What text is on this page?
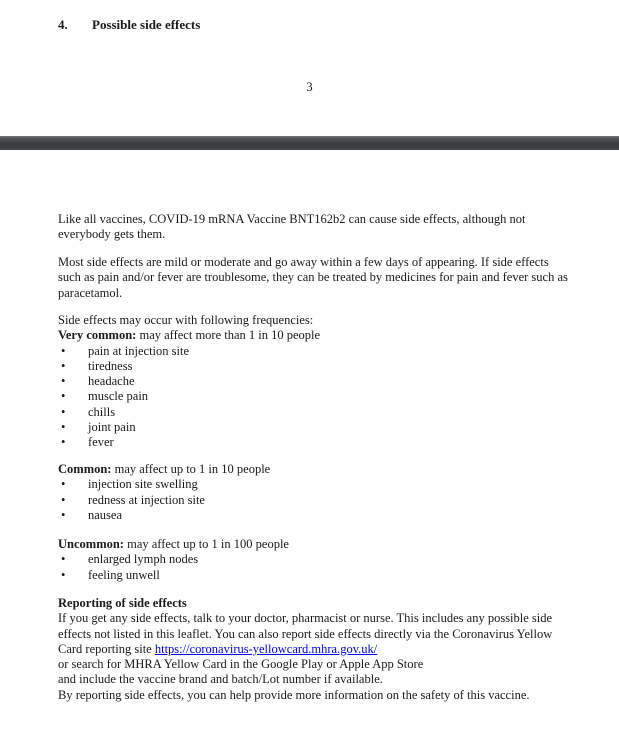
4.	Possible side effects
3
Like all vaccines, COVID-19 mRNA Vaccine BNT162b2 can cause side effects, although not
everybody gets them.
Most side effects are mild or moderate and go away within a few days of appearing. If side effects
such as pain and/or fever are troublesome, they can be treated by medicines for pain and fever such as
paracetamol.
Side effects may occur with following frequencies:
Very common: may affect more than 1 in 10 people
•	pain at injection site
•	tiredness
•	headache
•	muscle pain
•	chills
•	joint pain
•	fever
Common: may affect up to 1 in 10 people
•	injection site swelling
•	redness at injection site
•	nausea
Uncommon: may affect up to 1 in 100 people
•	enlarged lymph nodes
•	feeling unwell
Reporting of side effects
If you get any side effects, talk to your doctor, pharmacist or nurse. This includes any possible side
effects not listed in this leaflet. You can also report side effects directly via the Coronavirus Yellow
Card reporting site https://coronavirus-yellowcard.mhra.gov.uk/
or search for MHRA Yellow Card in the Google Play or Apple App Store
and include the vaccine brand and batch/Lot number if available.
By reporting side effects, you can help provide more information on the safety of this vaccine.
